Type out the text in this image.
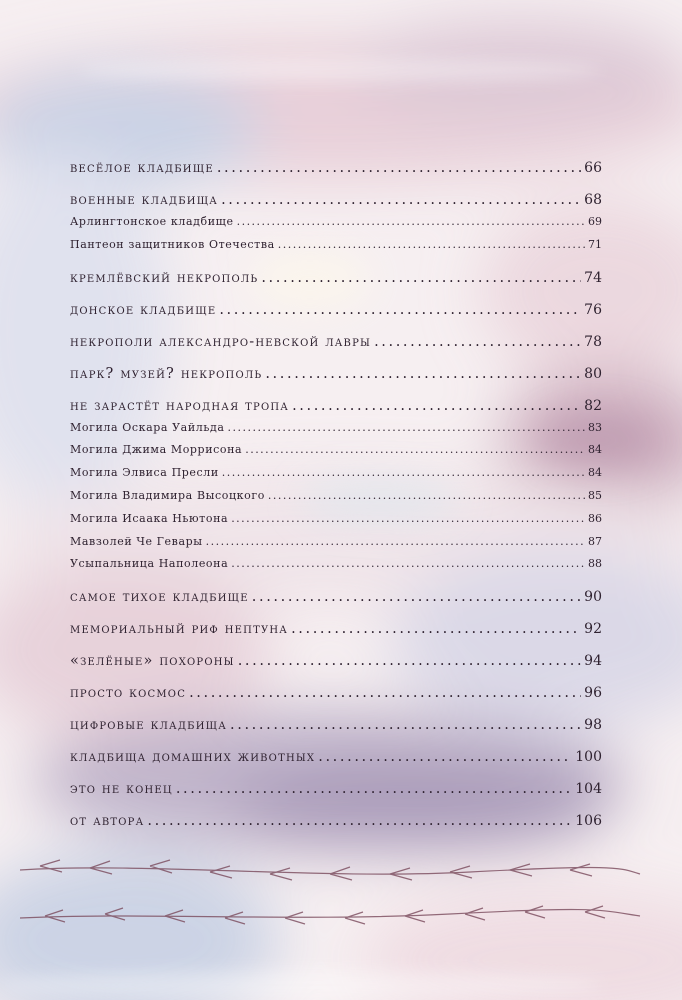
весёлое кладбище . . .	66
военные кладбища . . .	68
Арлингтонское кладбище . . .	69
Пантеон защитников Отечества . . .	71
кремлёвский некрополь . . .	74
донское кладбище . . .	76
некрополи александро-невской лавры . . .	78
парк? музей? некрополь . . .	80
не зарастёт народная тропа . . .	82
Могила Оскара Уайльда . . .	83
Могила Джима Моррисона . . .	84
Могила Элвиса Пресли . . .	84
Могила Владимира Высоцкого . . .	85
Могила Исаака Ньютона . . .	86
Мавзолей Че Гевары . . .	87
Усыпальница Наполеона . . .	88
самое тихое кладбище . . .	90
мемориальный риф нептуна . . .	92
«зелёные» похороны . . .	94
просто космос . . .	96
цифровые кладбища . . .	98
кладбища домашних животных . . .	100
это не конец . . .	104
от автора . . .	106
